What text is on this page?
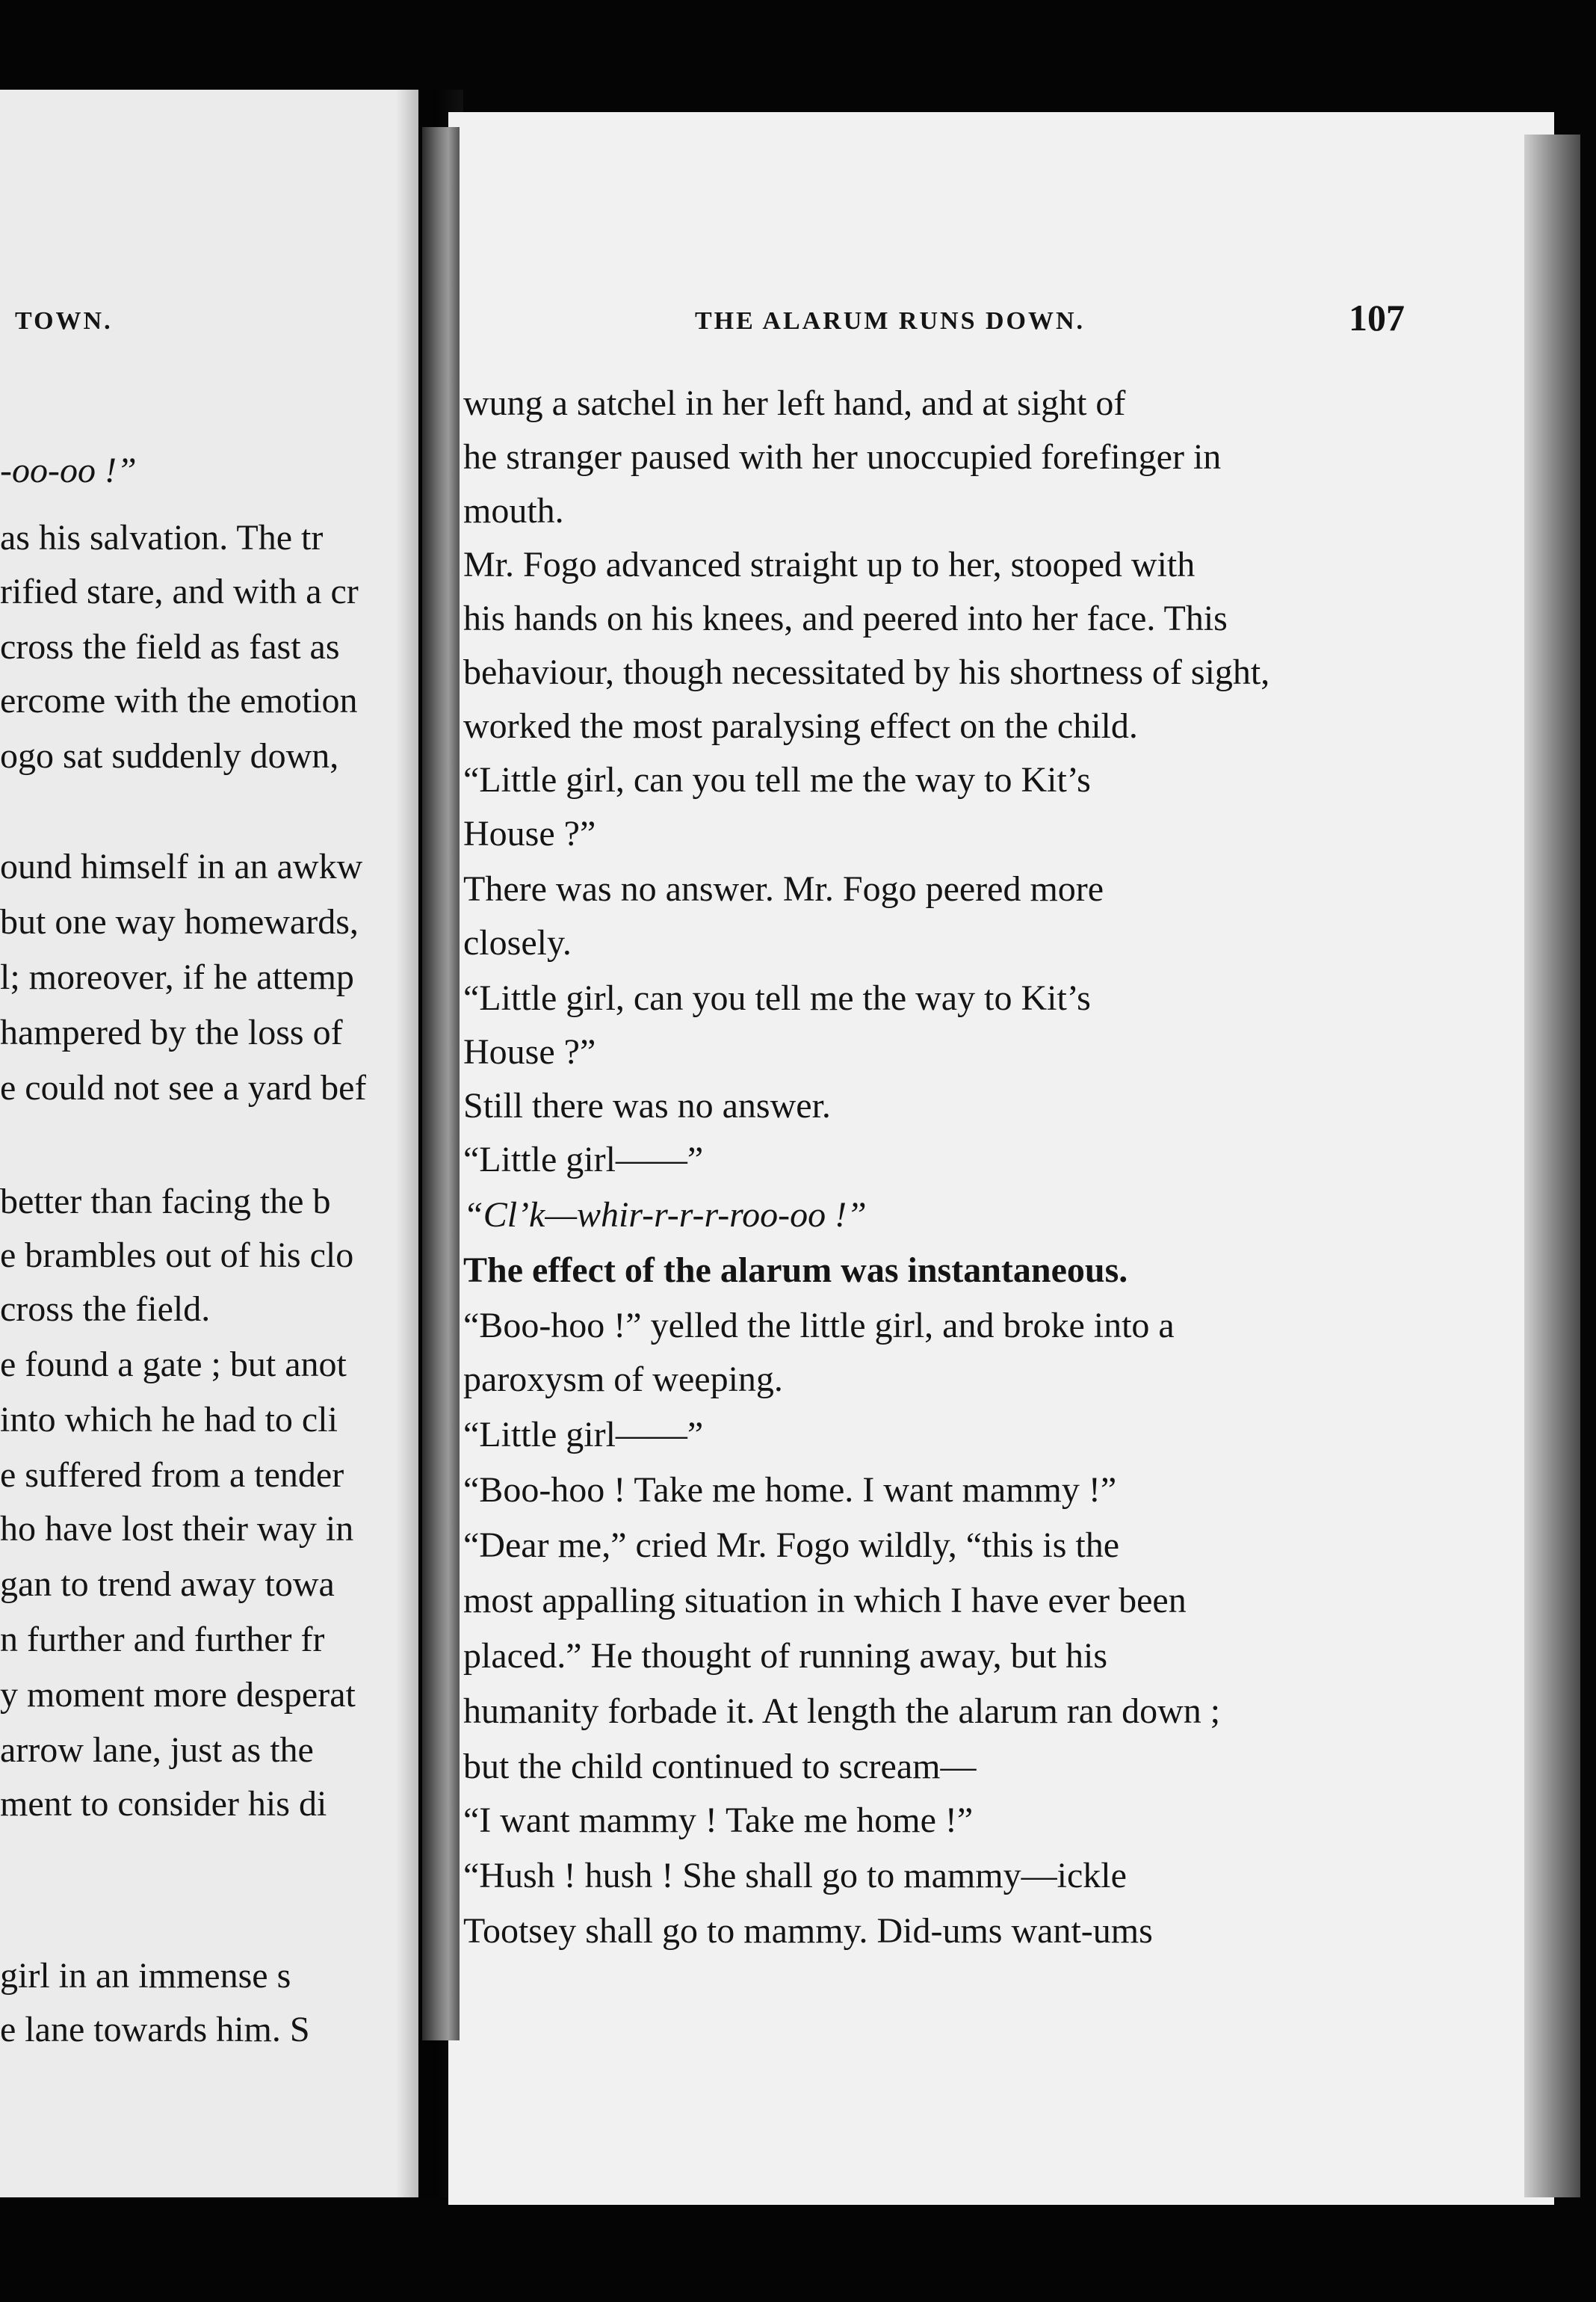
TOWN.
-oo-oo !”
as his salvation. The tr
rified stare, and with a cr
cross the field as fast as
ercome with the emotion
ogo sat suddenly down,
ound himself in an awkw
but one way homewards,
l; moreover, if he attemp
hampered by the loss of
e could not see a yard bef
better than facing the b
e brambles out of his clo
cross the field.
e found a gate ; but anot
into which he had to cli
e suffered from a tender
ho have lost their way in
gan to trend away towa
n further and further fr
y moment more desperat
arrow lane, just as the
ment to consider his di
girl in an immense s
e lane towards him. S
THE ALARUM RUNS DOWN.	107
wung a satchel in her left hand, and at sight of
he stranger paused with her unoccupied forefinger in
mouth.
Mr. Fogo advanced straight up to her, stooped with
his hands on his knees, and peered into her face. This
behaviour, though necessitated by his shortness of sight,
worked the most paralysing effect on the child.
“Little girl, can you tell me the way to Kit’s
House ?”
There was no answer. Mr. Fogo peered more
closely.
“Little girl, can you tell me the way to Kit’s
House ?”
Still there was no answer.
“Little girl——”
“Cl’k—whir-r-r-r-roo-oo !”
The effect of the alarum was instantaneous.
“Boo-hoo !” yelled the little girl, and broke into a
paroxysm of weeping.
“Little girl——”
“Boo-hoo ! Take me home. I want mammy !”
“Dear me,” cried Mr. Fogo wildly, “this is the
most appalling situation in which I have ever been
placed.” He thought of running away, but his
humanity forbade it. At length the alarum ran down ;
but the child continued to scream—
“I want mammy ! Take me home !”
“Hush ! hush ! She shall go to mammy—ickle
Tootsey shall go to mammy. Did-ums want-ums
